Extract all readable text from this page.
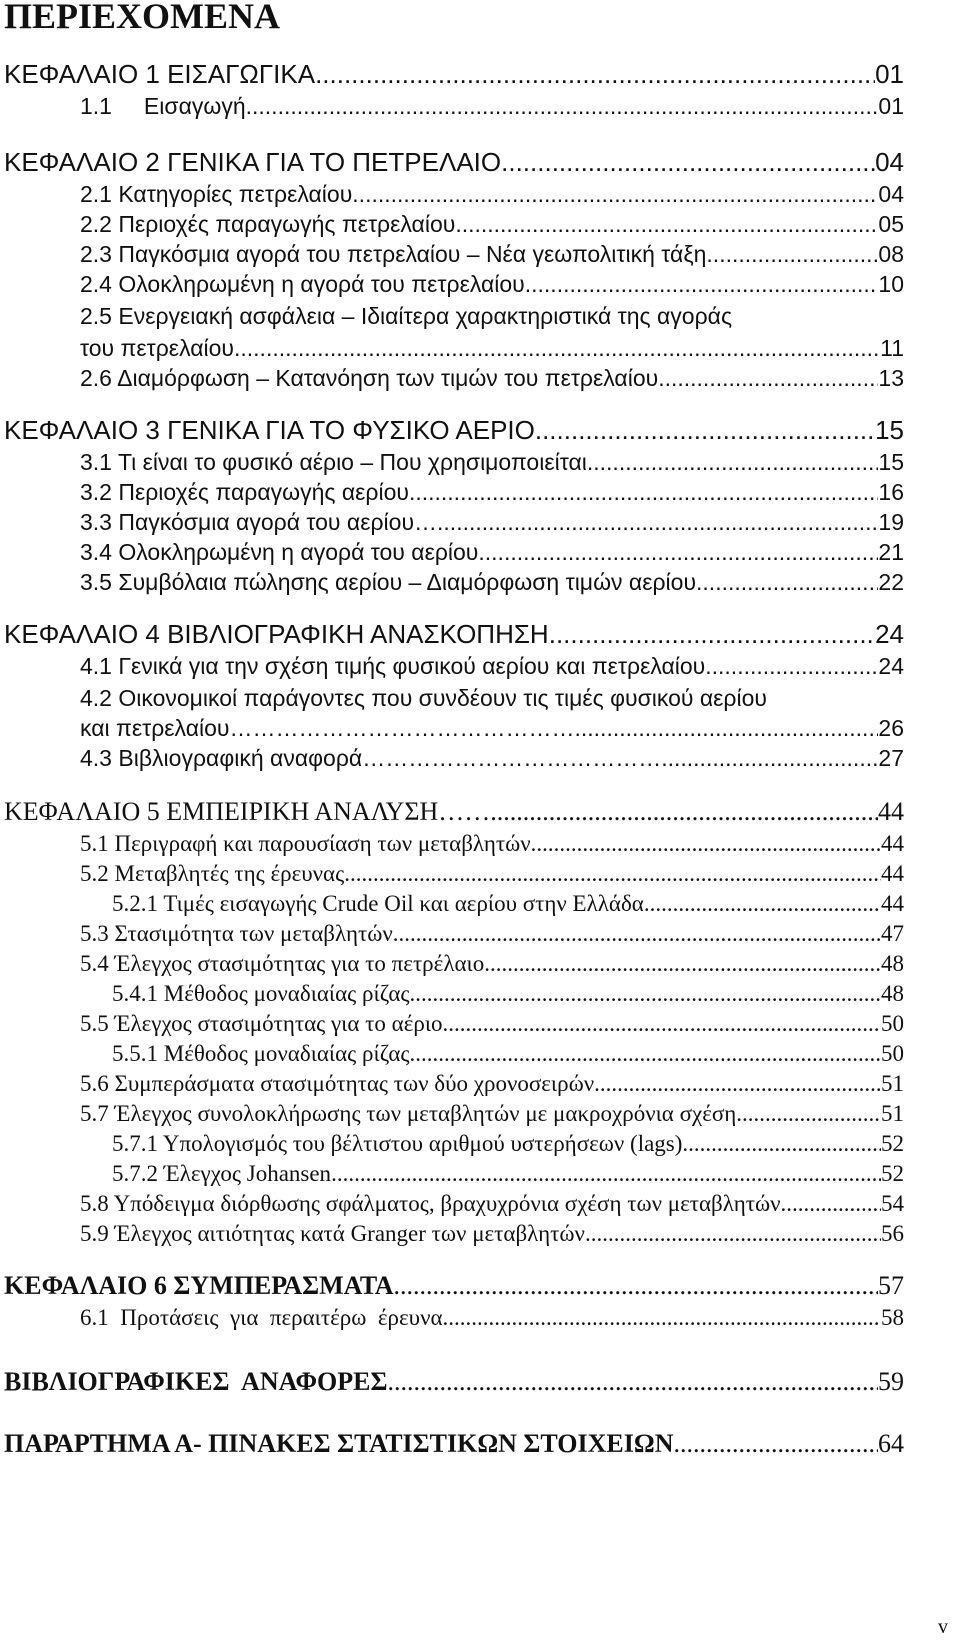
ΠΕΡΙΕΧΟΜΕΝΑ
ΚΕΦΑΛΑΙΟ 1 ΕΙΣΑΓΩΓΙΚΑ .....	01
1.1     Εισαγωγή .....	01
ΚΕΦΑΛΑΙΟ 2 ΓΕΝΙΚΑ ΓΙΑ ΤΟ ΠΕΤΡΕΛΑΙΟ .....	04
2.1 Κατηγορίες πετρελαίου .....	04
2.2 Περιοχές παραγωγής πετρελαίου .....	05
2.3 Παγκόσμια αγορά του πετρελαίου – Νέα γεωπολιτική τάξη .....	08
2.4 Ολοκληρωμένη η αγορά του πετρελαίου .....	10
2.5 Ενεργειακή ασφάλεια – Ιδιαίτερα χαρακτηριστικά της αγοράς
του πετρελαίου .....	11
2.6 Διαμόρφωση – Κατανόηση των τιμών του πετρελαίου .....	13
ΚΕΦΑΛΑΙΟ 3 ΓΕΝΙΚΑ ΓΙΑ ΤΟ ΦΥΣΙΚΟ ΑΕΡΙΟ .....	15
3.1 Τι είναι το φυσικό αέριο – Που χρησιμοποιείται .....	15
3.2 Περιοχές παραγωγής αερίου .....	16
3.3 Παγκόσμια αγορά του αερίου… .....	19
3.4 Ολοκληρωμένη η αγορά του αερίου .....	21
3.5 Συμβόλαια πώλησης αερίου – Διαμόρφωση τιμών αερίου .....	22
ΚΕΦΑΛΑΙΟ 4 ΒΙΒΛΙΟΓΡΑΦΙΚΗ ΑΝΑΣΚΟΠΗΣΗ .....	24
4.1 Γενικά για την σχέση τιμής φυσικού αερίου και πετρελαίου .....	24
4.2 Οικονομικοί παράγοντες που συνδέουν τις τιμές φυσικού αερίου
και πετρελαίου……………………………………… .....	26
4.3 Βιβλιογραφική αναφορά………………………………… .....	27
ΚΕΦΑΛΑΙΟ 5 ΕΜΠΕΙΡΙΚΗ ΑΝΑΛΥΣΗ…… .....	44
5.1 Περιγραφή και παρουσίαση των μεταβλητών .....	44
5.2 Μεταβλητές της έρευνας .....	44
5.2.1 Τιμές εισαγωγής Crude Oil και αερίου στην Ελλάδα .....	44
5.3 Στασιμότητα των μεταβλητών .....	47
5.4 Έλεγχος στασιμότητας για το πετρέλαιο .....	48
5.4.1 Μέθοδος μοναδιαίας ρίζας .....	48
5.5 Έλεγχος στασιμότητας για το αέριο .....	50
5.5.1 Μέθοδος μοναδιαίας ρίζας .....	50
5.6 Συμπεράσματα στασιμότητας των δύο χρονοσειρών .....	51
5.7 Έλεγχος συνολοκλήρωσης των μεταβλητών με μακροχρόνια σχέση .....	51
5.7.1 Υπολογισμός του βέλτιστου αριθμού υστερήσεων (lags) .....	52
5.7.2 Έλεγχος Johansen .....	52
5.8 Υπόδειγμα διόρθωσης σφάλματος, βραχυχρόνια σχέση των μεταβλητών .....	54
5.9 Έλεγχος αιτιότητας κατά Granger των μεταβλητών .....	56
ΚΕΦΑΛΑΙΟ 6 ΣΥΜΠΕΡΑΣΜΑΤΑ .....	57
6.1  Προτάσεις  για  περαιτέρω  έρευνα .....	58
ΒΙΒΛΙΟΓΡΑΦΙΚΕΣ  ΑΝΑΦΟΡΕΣ .....	59
ΠΑΡΑΡΤΗΜΑ Α- ΠΙΝΑΚΕΣ ΣΤΑΤΙΣΤΙΚΩΝ ΣΤΟΙΧΕΙΩΝ .....	64
v
